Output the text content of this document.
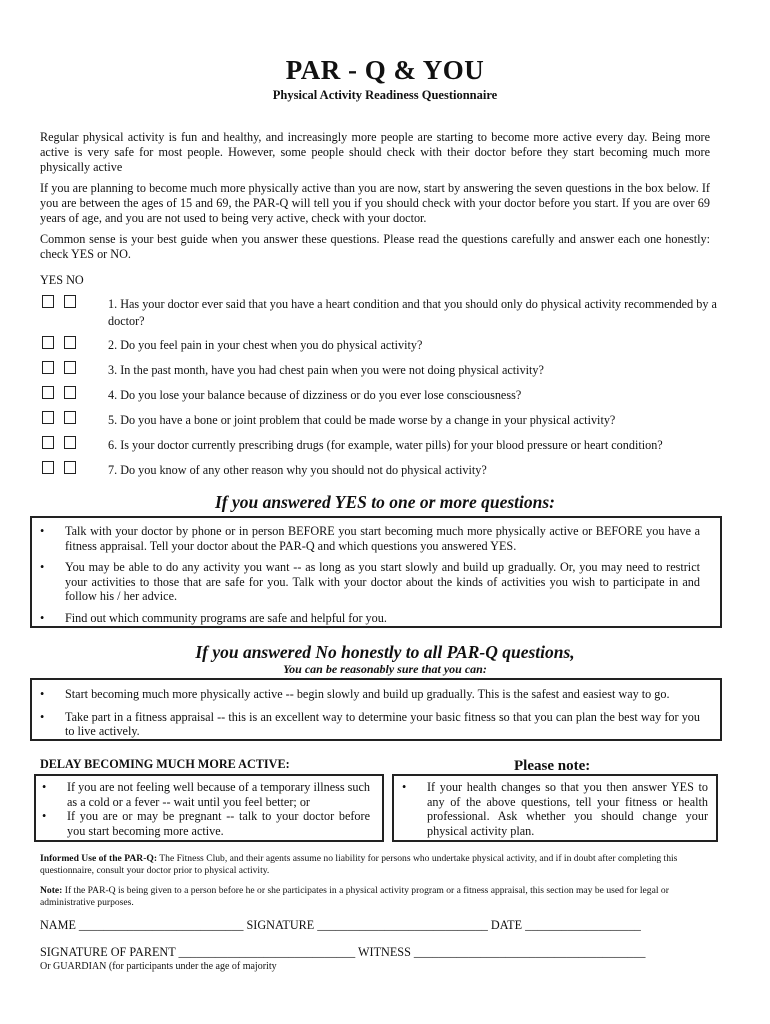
PAR - Q & YOU
Physical Activity Readiness Questionnaire

Regular physical activity is fun and healthy, and increasingly more people are starting to become more active every day. Being more active is very safe for most people. However, some people should check with their doctor before they start becoming much more physically active

If you are planning to become much more physically active than you are now, start by answering the seven questions in the box below. If you are between the ages of 15 and 69, the PAR-Q will tell you if you should check with your doctor before you start. If you are over 69 years of age, and you are not used to being very active, check with your doctor.

Common sense is your best guide when you answer these questions. Please read the questions carefully and answer each one honestly: check YES or NO.

YES NO
1. Has your doctor ever said that you have a heart condition and that you should only do physical activity recommended by a doctor?
2. Do you feel pain in your chest when you do physical activity?
3. In the past month, have you had chest pain when you were not doing physical activity?
4. Do you lose your balance because of dizziness or do you ever lose consciousness?
5. Do you have a bone or joint problem that could be made worse by a change in your physical activity?
6. Is your doctor currently prescribing drugs (for example, water pills) for your blood pressure or heart condition?
7. Do you know of any other reason why you should not do physical activity?
If you answered YES to one or more questions:
• Talk with your doctor by phone or in person BEFORE you start becoming much more physically active or BEFORE you have a fitness appraisal. Tell your doctor about the PAR-Q and which questions you answered YES.
• You may be able to do any activity you want -- as long as you start slowly and build up gradually. Or, you may need to restrict your activities to those that are safe for you. Talk with your doctor about the kinds of activities you wish to participate in and follow his / her advice.
• Find out which community programs are safe and helpful for you.
If you answered No honestly to all PAR-Q questions,
You can be reasonably sure that you can:
• Start becoming much more physically active -- begin slowly and build up gradually. This is the safest and easiest way to go.
• Take part in a fitness appraisal -- this is an excellent way to determine your basic fitness so that you can plan the best way for you to live actively.
DELAY BECOMING MUCH MORE ACTIVE:	Please note:
• If you are not feeling well because of a temporary illness such as a cold or a fever -- wait until you feel better; or
• If you are or may be pregnant -- talk to your doctor before you start becoming more active.
• If your health changes so that you then answer YES to any of the above questions, tell your fitness or health professional. Ask whether you should change your physical activity plan.
Informed Use of the PAR-Q: The Fitness Club, and their agents assume no liability for persons who undertake physical activity, and if in doubt after completing this questionnaire, consult your doctor prior to physical activity.
Note: If the PAR-Q is being given to a person before he or she participates in a physical activity program or a fitness appraisal, this section may be used for legal or administrative purposes.
NAME ___________________________ SIGNATURE ____________________________ DATE ___________________
SIGNATURE OF PARENT _____________________________ WITNESS ______________________________________
Or GUARDIAN (for participants under the age of majority
